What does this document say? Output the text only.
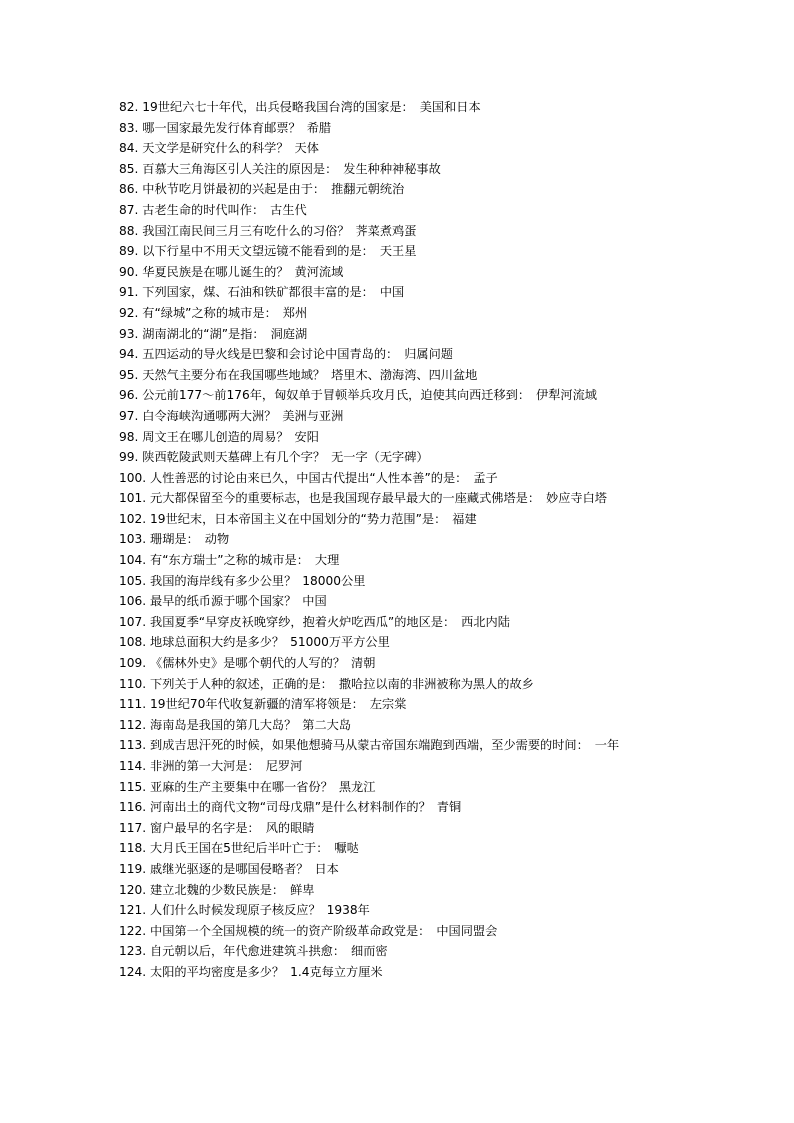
82. 19世纪六七十年代，出兵侵略我国台湾的国家是： 美国和日本
83. 哪一国家最先发行体育邮票？ 希腊
84. 天文学是研究什么的科学？ 天体
85. 百慕大三角海区引人关注的原因是： 发生种种神秘事故
86. 中秋节吃月饼最初的兴起是由于： 推翻元朝统治
87. 古老生命的时代叫作： 古生代
88. 我国江南民间三月三有吃什么的习俗？ 荠菜煮鸡蛋
89. 以下行星中不用天文望远镜不能看到的是： 天王星
90. 华夏民族是在哪儿诞生的？ 黄河流域
91. 下列国家，煤、石油和铁矿都很丰富的是： 中国
92. 有“绿城”之称的城市是： 郑州
93. 湖南湖北的“湖”是指： 洞庭湖
94. 五四运动的导火线是巴黎和会讨论中国青岛的： 归属问题
95. 天然气主要分布在我国哪些地域？ 塔里木、渤海湾、四川盆地
96. 公元前177～前176年，匈奴单于冒顿举兵攻月氏，迫使其向西迁移到： 伊犁河流域
97. 白令海峡沟通哪两大洲？ 美洲与亚洲
98. 周文王在哪儿创造的周易？ 安阳
99. 陕西乾陵武则天墓碑上有几个字？ 无一字（无字碑）
100. 人性善恶的讨论由来已久，中国古代提出“人性本善”的是： 孟子
101. 元大都保留至今的重要标志，也是我国现存最早最大的一座藏式佛塔是： 妙应寺白塔
102. 19世纪末，日本帝国主义在中国划分的“势力范围”是： 福建
103. 珊瑚是： 动物
104. 有“东方瑞士”之称的城市是： 大理
105. 我国的海岸线有多少公里？ 18000公里
106. 最早的纸币源于哪个国家？ 中国
107. 我国夏季“早穿皮袄晚穿纱，抱着火炉吃西瓜”的地区是： 西北内陆
108. 地球总面积大约是多少？ 51000万平方公里
109. 《儒林外史》是哪个朝代的人写的？ 清朝
110. 下列关于人种的叙述，正确的是： 撒哈拉以南的非洲被称为黑人的故乡
111. 19世纪70年代收复新疆的清军将领是： 左宗棠
112. 海南岛是我国的第几大岛？ 第二大岛
113. 到成吉思汗死的时候，如果他想骑马从蒙古帝国东端跑到西端，至少需要的时间： 一年
114. 非洲的第一大河是： 尼罗河
115. 亚麻的生产主要集中在哪一省份？ 黑龙江
116. 河南出土的商代文物“司母戊鼎”是什么材料制作的？ 青铜
117. 窗户最早的名字是： 风的眼睛
118. 大月氏王国在5世纪后半叶亡于： 嚈哒
119. 戚继光驱逐的是哪国侵略者？ 日本
120. 建立北魏的少数民族是： 鲜卑
121. 人们什么时候发现原子核反应？ 1938年
122. 中国第一个全国规模的统一的资产阶级革命政党是： 中国同盟会
123. 自元朝以后，年代愈进建筑斗拱愈： 细而密
124. 太阳的平均密度是多少？ 1.4克每立方厘米
